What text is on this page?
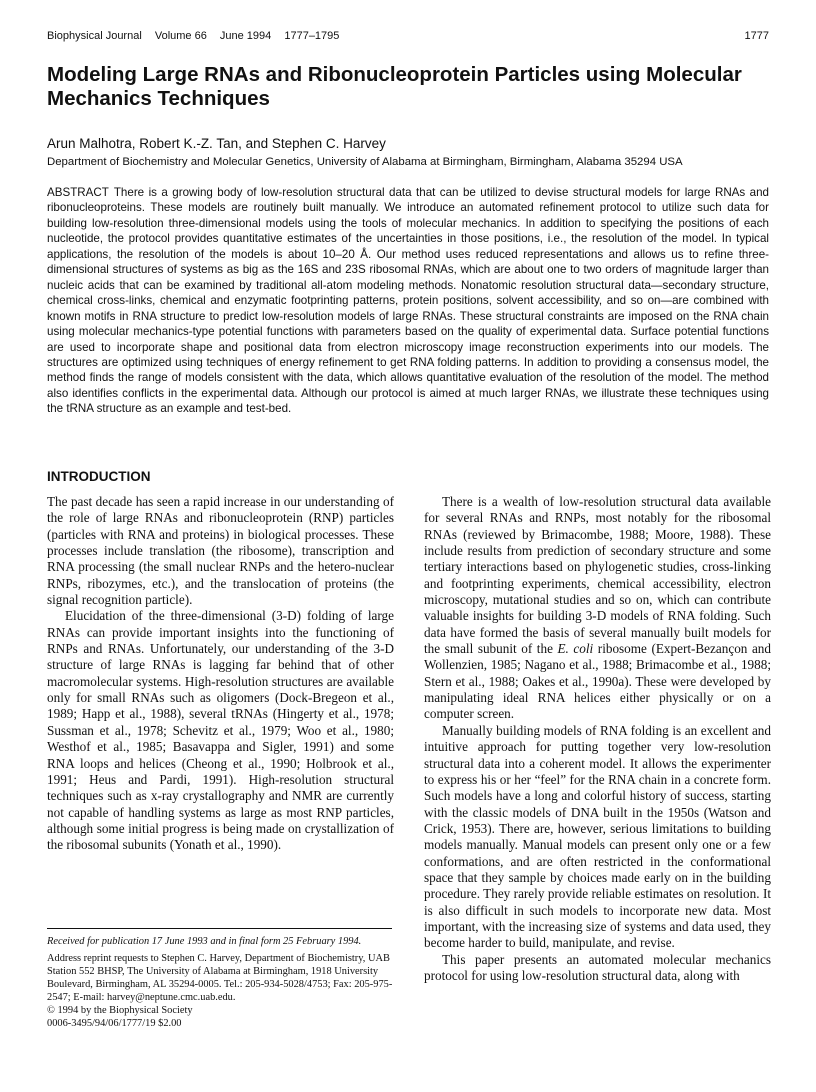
Biophysical Journal Volume 66 June 1994 1777–1795	1777
Modeling Large RNAs and Ribonucleoprotein Particles using Molecular Mechanics Techniques
Arun Malhotra, Robert K.-Z. Tan, and Stephen C. Harvey
Department of Biochemistry and Molecular Genetics, University of Alabama at Birmingham, Birmingham, Alabama 35294 USA

ABSTRACT There is a growing body of low-resolution structural data that can be utilized to devise structural models for large RNAs and ribonucleoproteins. These models are routinely built manually. We introduce an automated refinement protocol to utilize such data for building low-resolution three-dimensional models using the tools of molecular mechanics. In addition to specifying the positions of each nucleotide, the protocol provides quantitative estimates of the uncertainties in those positions, i.e., the resolution of the model. In typical applications, the resolution of the models is about 10–20 Å. Our method uses reduced representations and allows us to refine three-dimensional structures of systems as big as the 16S and 23S ribosomal RNAs, which are about one to two orders of magnitude larger than nucleic acids that can be examined by traditional all-atom modeling methods. Nonatomic resolution structural data—secondary structure, chemical cross-links, chemical and enzymatic footprinting patterns, protein positions, solvent accessibility, and so on—are combined with known motifs in RNA structure to predict low-resolution models of large RNAs. These structural constraints are imposed on the RNA chain using molecular mechanics-type potential functions with parameters based on the quality of experimental data. Surface potential functions are used to incorporate shape and positional data from electron microscopy image reconstruction experiments into our models. The structures are optimized using techniques of energy refinement to get RNA folding patterns. In addition to providing a consensus model, the method finds the range of models consistent with the data, which allows quantitative evaluation of the resolution of the model. The method also identifies conflicts in the experimental data. Although our protocol is aimed at much larger RNAs, we illustrate these techniques using the tRNA structure as an example and test-bed.

INTRODUCTION

The past decade has seen a rapid increase in our understanding of the role of large RNAs and ribonucleoprotein (RNP) particles (particles with RNA and proteins) in biological processes. These processes include translation (the ribosome), transcription and RNA processing (the small nuclear RNPs and the hetero-nuclear RNPs, ribozymes, etc.), and the translocation of proteins (the signal recognition particle).

Elucidation of the three-dimensional (3-D) folding of large RNAs can provide important insights into the functioning of RNPs and RNAs. Unfortunately, our understanding of the 3-D structure of large RNAs is lagging far behind that of other macromolecular systems. High-resolution structures are available only for small RNAs such as oligomers (Dock-Bregeon et al., 1989; Happ et al., 1988), several tRNAs (Hingerty et al., 1978; Sussman et al., 1978; Schevitz et al., 1979; Woo et al., 1980; Westhof et al., 1985; Basavappa and Sigler, 1991) and some RNA loops and helices (Cheong et al., 1990; Holbrook et al., 1991; Heus and Pardi, 1991). High-resolution structural techniques such as x-ray crystallography and NMR are currently not capable of handling systems as large as most RNP particles, although some initial progress is being made on crystallization of the ribosomal subunits (Yonath et al., 1990).

There is a wealth of low-resolution structural data available for several RNAs and RNPs, most notably for the ribosomal RNAs (reviewed by Brimacombe, 1988; Moore, 1988). These include results from prediction of secondary structure and some tertiary interactions based on phylogenetic studies, cross-linking and footprinting experiments, chemical accessibility, electron microscopy, mutational studies and so on, which can contribute valuable insights for building 3-D models of RNA folding. Such data have formed the basis of several manually built models for the small subunit of the E. coli ribosome (Expert-Bezançon and Wollenzien, 1985; Nagano et al., 1988; Brimacombe et al., 1988; Stern et al., 1988; Oakes et al., 1990a). These were developed by manipulating ideal RNA helices either physically or on a computer screen.

Manually building models of RNA folding is an excellent and intuitive approach for putting together very low-resolution structural data into a coherent model. It allows the experimenter to express his or her “feel” for the RNA chain in a concrete form. Such models have a long and colorful history of success, starting with the classic models of DNA built in the 1950s (Watson and Crick, 1953). There are, however, serious limitations to building models manually. Manual models can present only one or a few conformations, and are often restricted in the conformational space that they sample by choices made early on in the building procedure. They rarely provide reliable estimates on resolution. It is also difficult in such models to incorporate new data. Most important, with the increasing size of systems and data used, they become harder to build, manipulate, and revise.

This paper presents an automated molecular mechanics protocol for using low-resolution structural data, along with

Received for publication 17 June 1993 and in final form 25 February 1994.

Address reprint requests to Stephen C. Harvey, Department of Biochemistry, UAB Station 552 BHSP, The University of Alabama at Birmingham, 1918 University Boulevard, Birmingham, AL 35294-0005. Tel.: 205-934-5028/4753; Fax: 205-975-2547; E-mail: harvey@neptune.cmc.uab.edu.

© 1994 by the Biophysical Society

0006-3495/94/06/1777/19 $2.00
